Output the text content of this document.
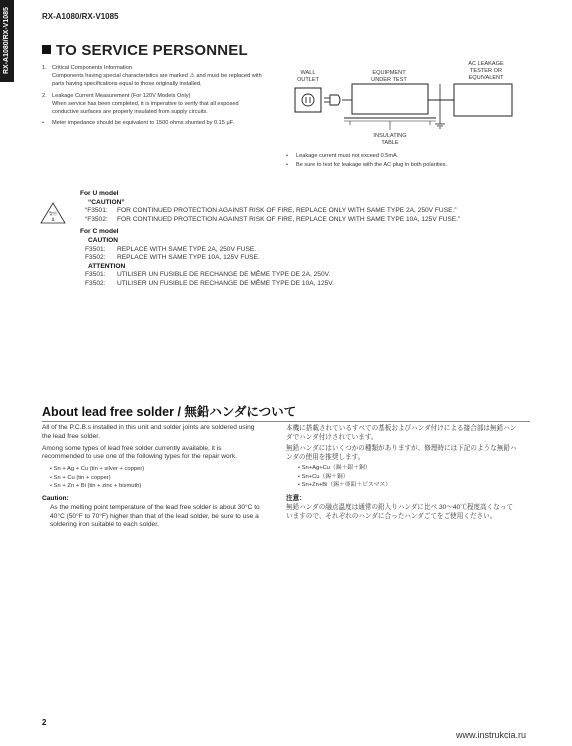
RX-A1080/RX-V1085	RX-A1080/RX-V1085
TO SERVICE PERSONNEL
1. Critical Components Information

Components having special characteristics are marked ⚠ and must be replaced with parts having specifications equal to those originally installed.

2. Leakage Current Measurement (For 120V Models Only)

When service has been completed, it is imperative to verify that all exposed conductive surfaces are properly insulated from supply circuits.

•	Meter impedance should be equivalent to 1500 ohms shunted by 0.15 μF.

WALL
OUTLET
EQUIPMENT
UNDER TEST
AC LEAKAGE
TESTER OR
EQUIVALENT
INSULATING
TABLE
•	Leakage current must not exceed 0.5mA.
•	Be sure to test for leakage with the AC plug in both polarities.
警告
Δ
For U model
“CAUTION”
“F3501:	FOR CONTINUED PROTECTION AGAINST RISK OF FIRE, REPLACE ONLY WITH SAME TYPE 2A, 250V FUSE.”
“F3502:	FOR CONTINUED PROTECTION AGAINST RISK OF FIRE, REPLACE ONLY WITH SAME TYPE 10A, 125V FUSE.”
For C model
CAUTION
F3501:	REPLACE WITH SAME TYPE 2A, 250V FUSE.
F3502:	REPLACE WITH SAME TYPE 10A, 125V FUSE.
ATTENTION
F3501:	UTILISER UN FUSIBLE DE RECHANGE DE MÊME TYPE DE 2A, 250V.
F3502:	UTILISER UN FUSIBLE DE RECHANGE DE MÊME TYPE DE 10A, 125V.
About lead free solder / 無鉛ハンダについて

All of the P.C.B.s installed in this unit and solder joints are soldered using the lead free solder.

Among some types of lead free solder currently available, it is recommended to use one of the following types for the repair work.

• Sn + Ag + Cu (tin + silver + copper)
• Sn + Cu (tin + copper)
• Sn + Zn + Bi (tin + zinc + bismuth)
Caution:
As the melting point temperature of the lead free solder is about 30°C to 40°C (50°F to 70°F) higher than that of the lead solder, be sure to use a soldering iron suitable to each solder.

本機に搭載されているすべての基板およびハンダ付けによる接合部は無鉛ハンダでハンダ付けされています。

無鉛ハンダにはいくつかの種類がありますが、修理時には下記のような無鉛ハンダの使用を推奨します。

• Sn+Ag+Cu（錫＋銀＋銅）
• Sn+Cu（錫＋銅）
• Sn+Zn+Bi（錫＋亜鉛＋ビスマス）
注意：
無鉛ハンダの融点温度は通常の鉛入りハンダに比べ 30〜40℃程度高くなっていますので、それぞれのハンダに合ったハンダごてをご使用ください。
2
www.instrukcia.ru
